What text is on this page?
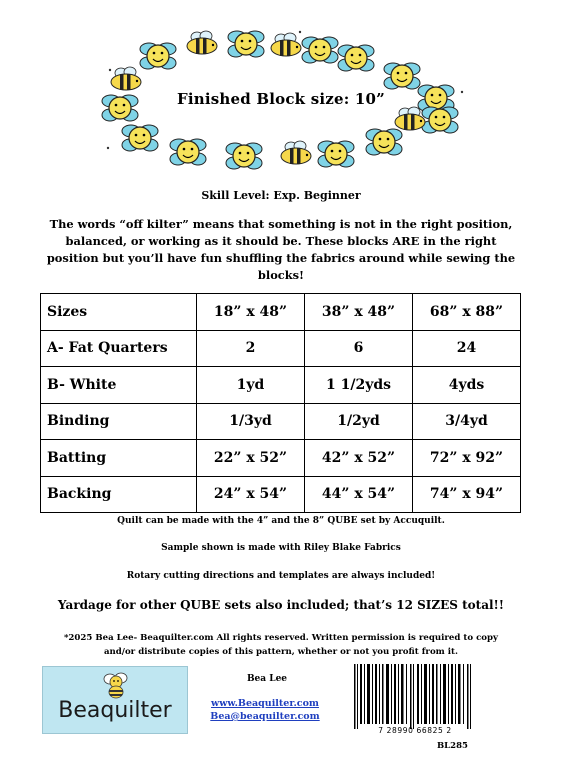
Finished Block size: 10”
Skill Level: Exp. Beginner
The words “off kilter” means that something is not in the right position, balanced, or working as it should be. These blocks ARE in the right position but you’ll have fun shuffling the fabrics around while sewing the blocks!
Sizes	18” x 48”	38” x 48”	68” x 88”
A- Fat Quarters	2	6	24
B- White	1yd	1 1/2yds	4yds
Binding	1/3yd	1/2yd	3/4yd
Batting	22” x 52”	42” x 52”	72” x 92”
Backing	24” x 54”	44” x 54”	74” x 94”
Quilt can be made with the 4” and the 8” QUBE set by Accuquilt.
Sample shown is made with Riley Blake Fabrics
Rotary cutting directions and templates are always included!
Yardage for other QUBE sets also included; that’s 12 SIZES total!!
*2025 Bea Lee- Beaquilter.com All rights reserved. Written permission is required to copy and/or distribute copies of this pattern, whether or not you profit from it.
Beaquilter
Bea Lee
www.Beaquilter.com
Bea@beaquilter.com
7 28990 66825 2
BL285
